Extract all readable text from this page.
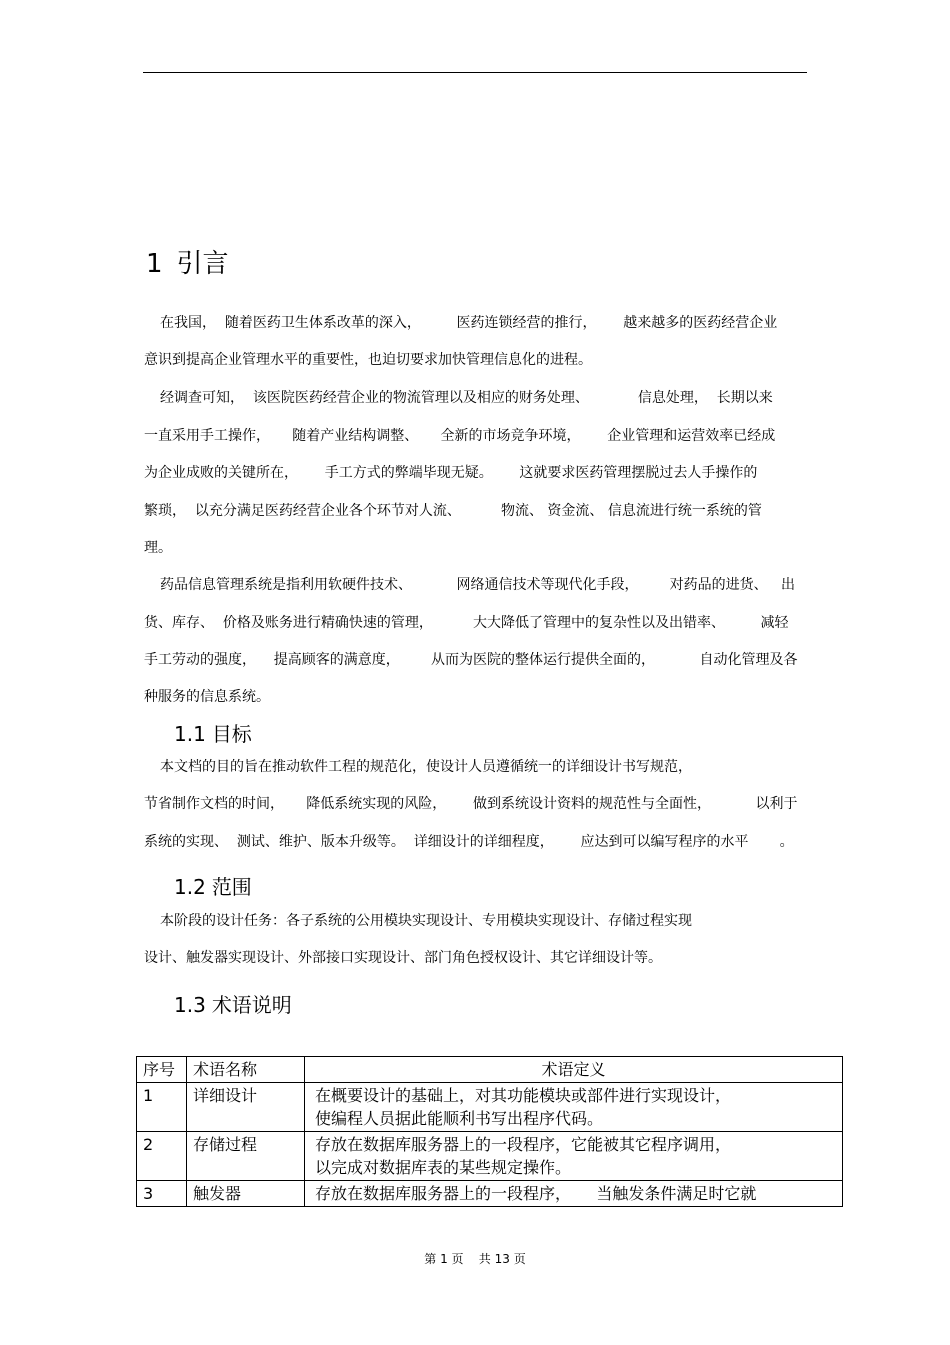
1 引言
在我国，  随着医药卫生体系改革的深入，        医药连锁经营的推行，      越来越多的医药经营企业
意识到提高企业管理水平的重要性，也迫切要求加快管理信息化的进程。
经调查可知，  该医院医药经营企业的物流管理以及相应的财务处理、           信息处理，  长期以来
一直采用手工操作，     随着产业结构调整、     全新的市场竞争环境，      企业管理和运营效率已经成
为企业成败的关键所在，      手工方式的弊端毕现无疑。      这就要求医药管理摆脱过去人手操作的
繁琐，  以充分满足医药经营企业各个环节对人流、         物流、 资金流、 信息流进行统一系统的管
理。
药品信息管理系统是指利用软硬件技术、          网络通信技术等现代化手段，       对药品的进货、   出
货、库存、  价格及账务进行精确快速的管理，         大大降低了管理中的复杂性以及出错率、        减轻
手工劳动的强度，    提高顾客的满意度，       从而为医院的整体运行提供全面的，          自动化管理及各
种服务的信息系统。
1.1 目标
本文档的目的旨在推动软件工程的规范化，使设计人员遵循统一的详细设计书写规范，
节省制作文档的时间，     降低系统实现的风险，      做到系统设计资料的规范性与全面性，          以利于
系统的实现、  测试、维护、版本升级等。  详细设计的详细程度，      应达到可以编写程序的水平       。
1.2 范围
本阶段的设计任务：各子系统的公用模块实现设计、专用模块实现设计、存储过程实现
设计、触发器实现设计、外部接口实现设计、部门角色授权设计、其它详细设计等。
1.3 术语说明
序号	术语名称	术语定义
1	详细设计	在概要设计的基础上，对其功能模块或部件进行实现设计，
使编程人员据此能顺利书写出程序代码。

2	存储过程	存放在数据库服务器上的一段程序，它能被其它程序调用，
以完成对数据库表的某些规定操作。

3	触发器	存放在数据库服务器上的一段程序，     当触发条件满足时它就
第 1 页    共 13 页
